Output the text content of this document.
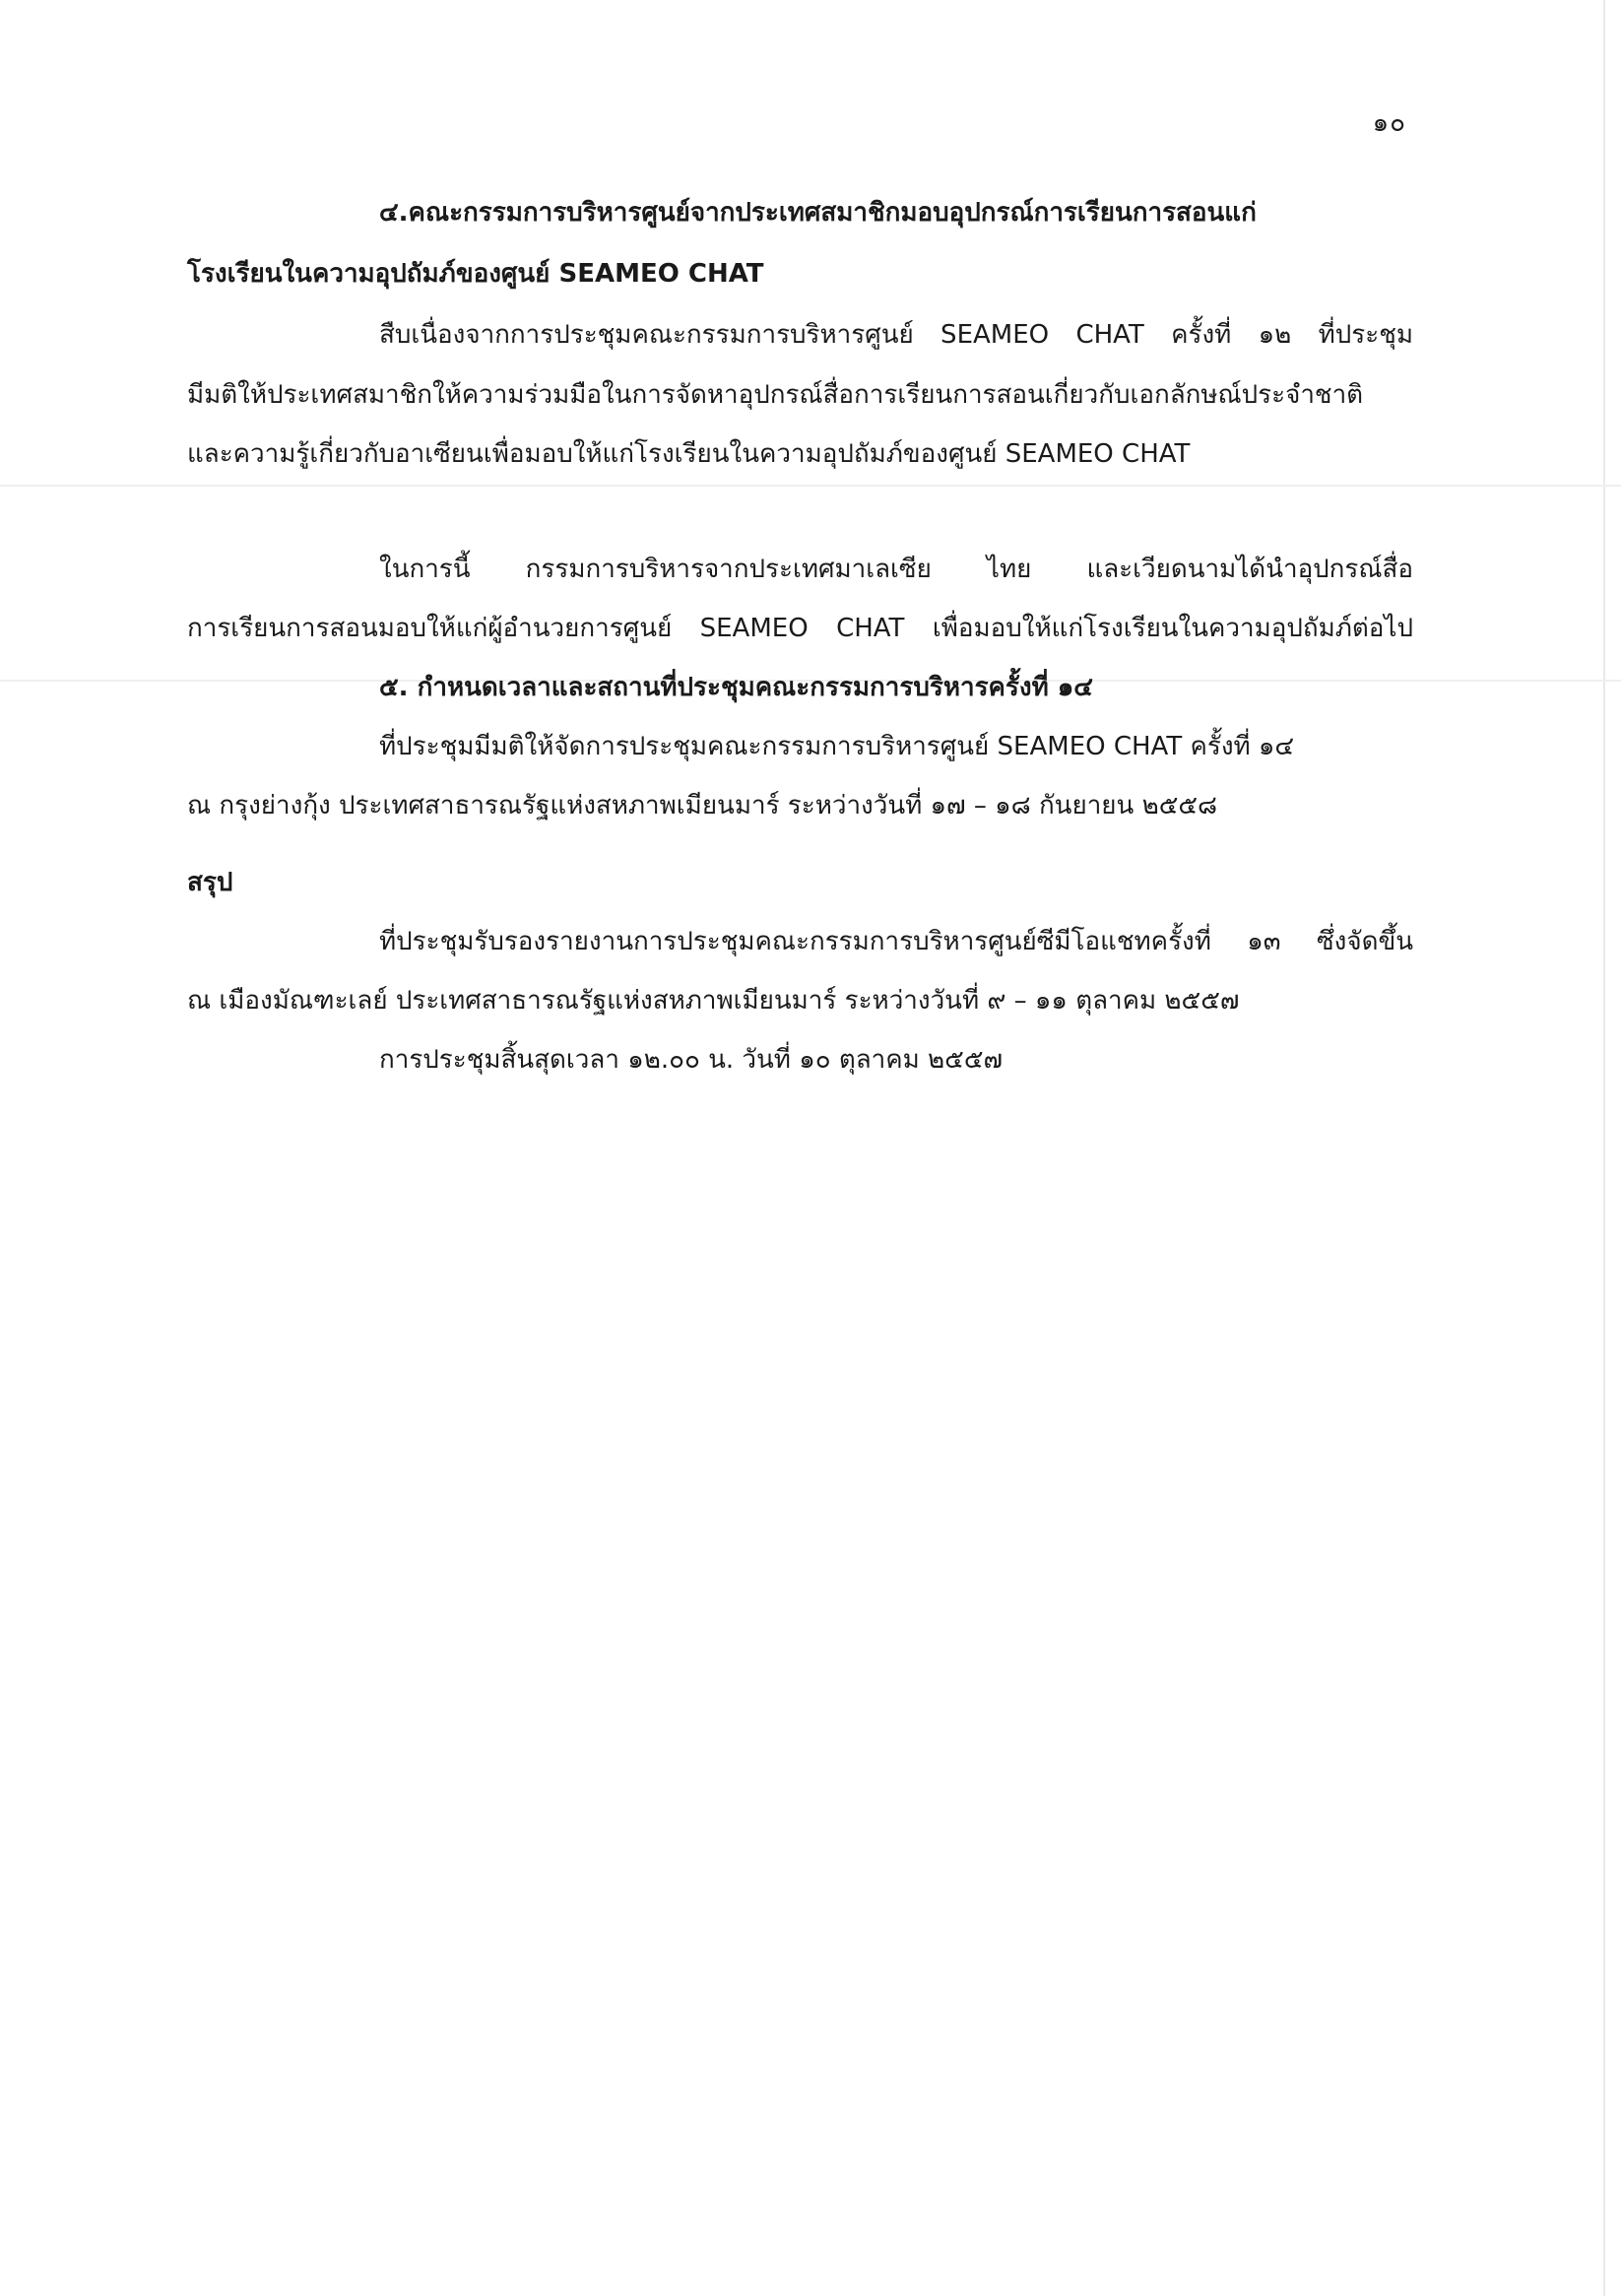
๑๐
๔.คณะกรรมการบริหารศูนย์จากประเทศสมาชิกมอบอุปกรณ์การเรียนการสอนแก่
โรงเรียนในความอุปถัมภ์ของศูนย์ SEAMEO CHAT
สืบเนื่องจากการประชุมคณะกรรมการบริหารศูนย์ SEAMEO CHAT ครั้งที่ ๑๒ ที่ประชุม
มีมติให้ประเทศสมาชิกให้ความร่วมมือในการจัดหาอุปกรณ์สื่อการเรียนการสอนเกี่ยวกับเอกลักษณ์ประจำชาติ
และความรู้เกี่ยวกับอาเซียนเพื่อมอบให้แก่โรงเรียนในความอุปถัมภ์ของศูนย์ SEAMEO CHAT
ในการนี้ กรรมการบริหารจากประเทศมาเลเซีย ไทย และเวียดนามได้นำอุปกรณ์สื่อ
การเรียนการสอนมอบให้แก่ผู้อำนวยการศูนย์ SEAMEO CHAT เพื่อมอบให้แก่โรงเรียนในความอุปถัมภ์ต่อไป
๕. กำหนดเวลาและสถานที่ประชุมคณะกรรมการบริหารครั้งที่ ๑๔
ที่ประชุมมีมติให้จัดการประชุมคณะกรรมการบริหารศูนย์ SEAMEO CHAT ครั้งที่ ๑๔
ณ กรุงย่างกุ้ง ประเทศสาธารณรัฐแห่งสหภาพเมียนมาร์ ระหว่างวันที่ ๑๗ – ๑๘ กันยายน ๒๕๕๘
สรุป
ที่ประชุมรับรองรายงานการประชุมคณะกรรมการบริหารศูนย์ซีมีโอแชทครั้งที่ ๑๓ ซึ่งจัดขึ้น
ณ เมืองมัณฑะเลย์ ประเทศสาธารณรัฐแห่งสหภาพเมียนมาร์ ระหว่างวันที่ ๙ – ๑๑ ตุลาคม ๒๕๕๗
การประชุมสิ้นสุดเวลา ๑๒.๐๐ น. วันที่ ๑๐ ตุลาคม ๒๕๕๗
